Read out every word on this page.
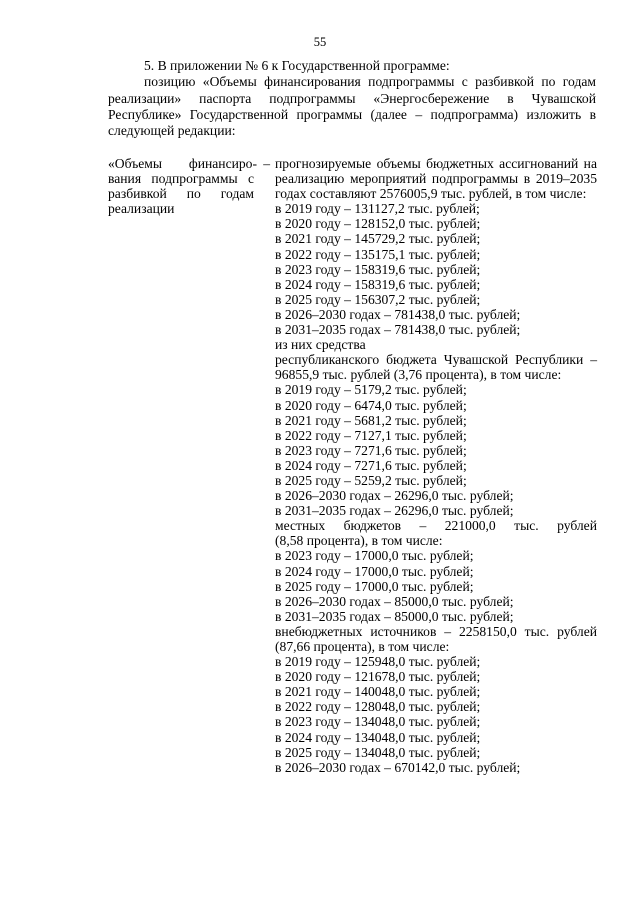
55

5. В приложении № 6 к Государственной программе:

позицию «Объемы финансирования подпрограммы с разбивкой по годам реализации» паспорта подпрограммы «Энергосбережение в Чувашской Республике» Государственной программы (далее – подпрограмма) изложить в следующей редакции:

«Объемы финансиро- –
вания подпрограммы с
разбивкой по годам
реализации
прогнозируемые объемы бюджетных ассигнований на реализацию мероприятий подпрограммы в 2019–2035 годах составляют 2576005,9 тыс. рублей, в том числе:
в 2019 году – 131127,2 тыс. рублей;
в 2020 году – 128152,0 тыс. рублей;
в 2021 году – 145729,2 тыс. рублей;
в 2022 году – 135175,1 тыс. рублей;
в 2023 году – 158319,6 тыс. рублей;
в 2024 году – 158319,6 тыс. рублей;
в 2025 году – 156307,2 тыс. рублей;
в 2026–2030 годах – 781438,0 тыс. рублей;
в 2031–2035 годах – 781438,0 тыс. рублей;
из них средства
республиканского бюджета Чувашской Республики – 96855,9 тыс. рублей (3,76 процента), в том числе:
в 2019 году – 5179,2 тыс. рублей;
в 2020 году – 6474,0 тыс. рублей;
в 2021 году – 5681,2 тыс. рублей;
в 2022 году – 7127,1 тыс. рублей;
в 2023 году – 7271,6 тыс. рублей;
в 2024 году – 7271,6 тыс. рублей;
в 2025 году – 5259,2 тыс. рублей;
в 2026–2030 годах – 26296,0 тыс. рублей;
в 2031–2035 годах – 26296,0 тыс. рублей;
местных бюджетов – 221000,0 тыс. рублей
(8,58 процента), в том числе:
в 2023 году – 17000,0 тыс. рублей;
в 2024 году – 17000,0 тыс. рублей;
в 2025 году – 17000,0 тыс. рублей;
в 2026–2030 годах – 85000,0 тыс. рублей;
в 2031–2035 годах – 85000,0 тыс. рублей;
внебюджетных источников – 2258150,0 тыс. рублей
(87,66 процента), в том числе:
в 2019 году – 125948,0 тыс. рублей;
в 2020 году – 121678,0 тыс. рублей;
в 2021 году – 140048,0 тыс. рублей;
в 2022 году – 128048,0 тыс. рублей;
в 2023 году – 134048,0 тыс. рублей;
в 2024 году – 134048,0 тыс. рублей;
в 2025 году – 134048,0 тыс. рублей;
в 2026–2030 годах – 670142,0 тыс. рублей;
